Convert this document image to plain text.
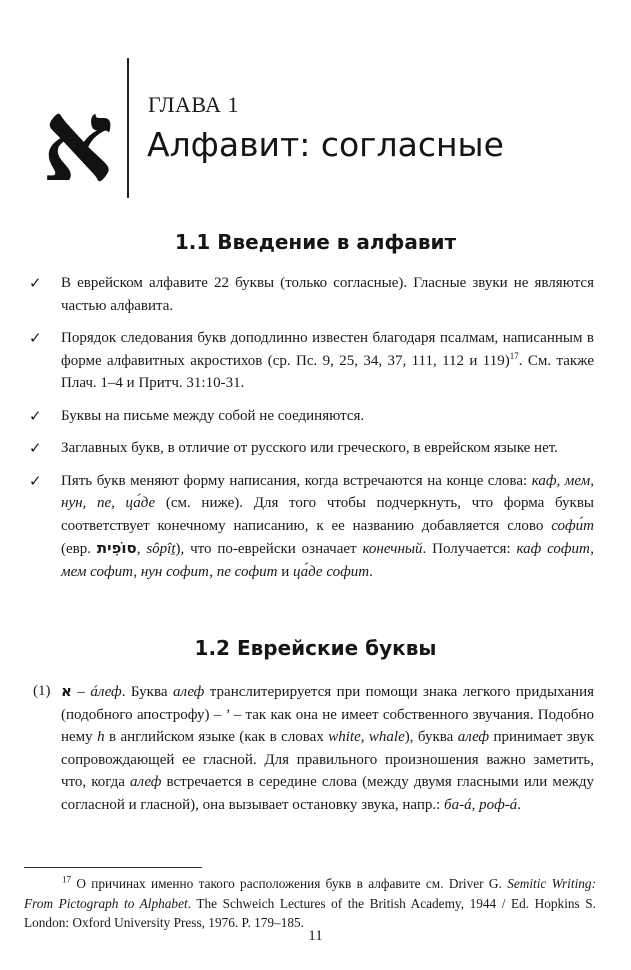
א	ГЛАВА 1
Алфавит: согласные
1.1 Введение в алфавит
✓ В еврейском алфавите 22 буквы (только согласные). Гласные звуки не являются частью алфавита.
✓ Порядок следования букв доподлинно известен благодаря псалмам, написанным в форме алфавитных акростихов (ср. Пс. 9, 25, 34, 37, 111, 112 и 119)$^{17}$. См. также Плач. 1–4 и Притч. 31:10-31.
✓ Буквы на письме между собой не соединяются.
✓ Заглавных букв, в отличие от русского или греческого, в еврейском языке нет.
✓ Пять букв меняют форму написания, когда встречаются на конце слова: каф, мем, нун, пе, ца́де (см. ниже). Для того чтобы подчеркнуть, что форма буквы соответствует конечному написанию, к ее названию добавляется слово софи́т (евр. סוֹפִית, sôpîṯ), что по-еврейски означает конечный. Получается: каф софит, мем софит, нун софит, пе софит и ца́де софит.
1.2 Еврейские буквы
(1) א – áлеф. Буква алеф транслитерируется при помощи знака легкого придыхания (подобного апострофу) – ’ – так как она не имеет собственного звучания. Подобно нему h в английском языке (как в словах white, whale), буква алеф принимает звук сопровождающей ее гласной. Для правильного произношения важно заметить, что, когда алеф встречается в середине слова (между двумя гласными или между согласной и гласной), она вызывает остановку звука, напр.: ба-á, роф-á.

$^{17}$ О причинах именно такого расположения букв в алфавите см. Driver G. Semitic Writing: From Pictograph to Alphabet. The Schweich Lectures of the British Academy, 1944 / Ed. Hopkins S. London: Oxford University Press, 1976. P. 179–185.

11
